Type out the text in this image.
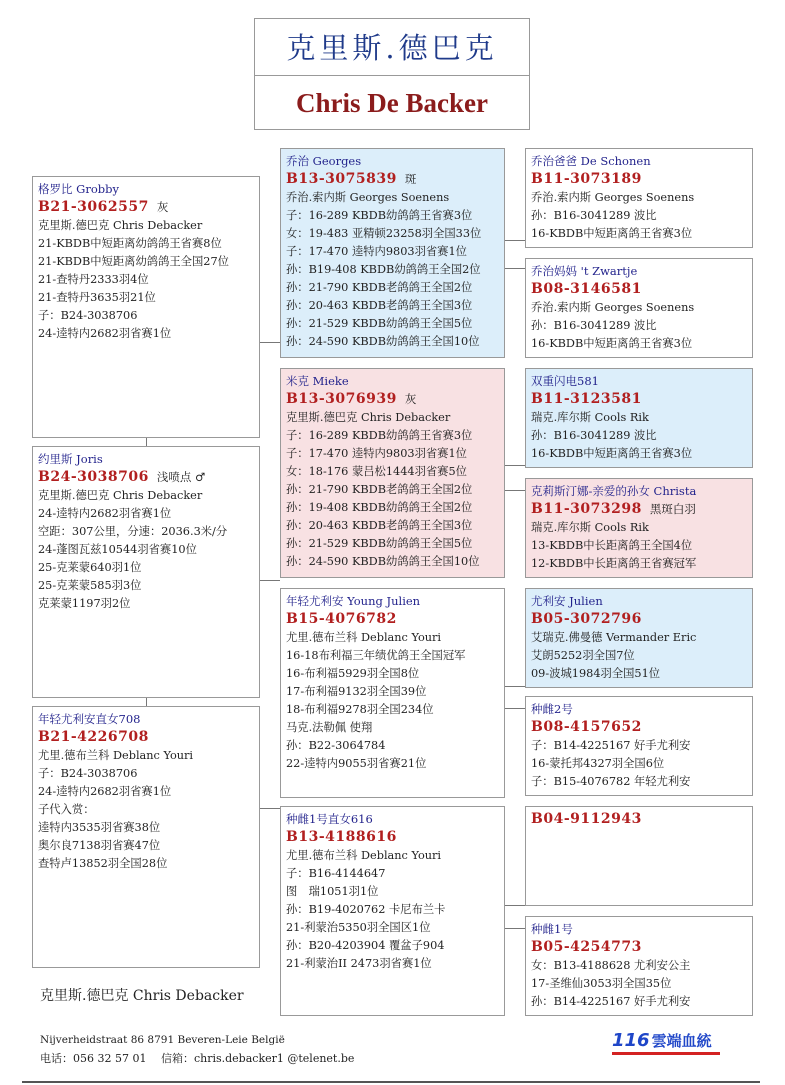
克里斯.德巴克
Chris De Backer
格罗比 Grobby
B21-3062557 灰
克里斯.德巴克 Chris Debacker
21-KBDB中短距离幼鸽鸽王省赛8位
21-KBDB中短距离幼鸽鸽王全国27位
21-查特丹2333羽4位
21-查特丹3635羽21位
子：B24-3038706
24-逵特内2682羽省赛1位
约里斯 Joris
B24-3038706 浅喷点 ♂
克里斯.德巴克 Chris Debacker
24-逵特内2682羽省赛1位
空距：307公里，分速：2036.3米/分
24-蓬图瓦兹10544羽省赛10位
25-克莱蒙640羽1位
25-克莱蒙585羽3位
克莱蒙1197羽2位
年轻尤利安直女708
B21-4226708
尤里.德布兰科 Deblanc Youri
子：B24-3038706
24-逵特内2682羽省赛1位
子代入赏：
逵特内3535羽省赛38位
奥尔良7138羽省赛47位
查特卢13852羽全国28位
乔治 Georges
B13-3075839 斑
乔治.索内斯 Georges Soenens
子：16-289 KBDB幼鸽鸽王省赛3位
女：19-483 亚精顿23258羽全国33位
子：17-470 逵特内9803羽省赛1位
孙：B19-408 KBDB幼鸽鸽王全国2位
孙：21-790 KBDB老鸽鸽王全国2位
孙：20-463 KBDB老鸽鸽王全国3位
孙：21-529 KBDB幼鸽鸽王全国5位
孙：24-590 KBDB幼鸽鸽王全国10位
米克 Mieke
B13-3076939 灰
克里斯.德巴克 Chris Debacker
子：16-289 KBDB幼鸽鸽王省赛3位
子：17-470 逵特内9803羽省赛1位
女：18-176 蒙吕松1444羽省赛5位
孙：21-790 KBDB老鸽鸽王全国2位
孙：19-408 KBDB幼鸽鸽王全国2位
孙：20-463 KBDB老鸽鸽王全国3位
孙：21-529 KBDB幼鸽鸽王全国5位
孙：24-590 KBDB幼鸽鸽王全国10位
年轻尤利安 Young Julien
B15-4076782
尤里.德布兰科 Deblanc Youri
16-18布利福三年绩优鸽王全国冠军
16-布利福5929羽全国8位
17-布利福9132羽全国39位
18-布利福9278羽全国234位
马克.法勒佩 使翔
孙：B22-3064784
22-逵特内9055羽省赛21位
种雌1号直女616
B13-4188616
尤里.德布兰科 Deblanc Youri
子：B16-4144647
图　瑞1051羽1位
孙：B19-4020762 卡尼布兰卡
21-利蒙治5350羽全国区1位
孙：B20-4203904 覆盆子904
21-利蒙治II 2473羽省赛1位
乔治爸爸 De Schonen
B11-3073189
乔治.索内斯 Georges Soenens
孙：B16-3041289 波比
16-KBDB中短距离鸽王省赛3位
乔治妈妈 't Zwartje
B08-3146581
乔治.索内斯 Georges Soenens
孙：B16-3041289 波比
16-KBDB中短距离鸽王省赛3位
双重闪电581
B11-3123581
瑞克.库尔斯 Cools Rik
孙：B16-3041289 波比
16-KBDB中短距离鸽王省赛3位
克莉斯汀娜-亲爱的孙女 Christa
B11-3073298 黑斑白羽
瑞克.库尔斯 Cools Rik
13-KBDB中长距离鸽王全国4位
12-KBDB中长距离鸽王省赛冠军
尤利安 Julien
B05-3072796
艾瑞克.佛曼德 Vermander Eric
艾朗5252羽全国7位
09-波城1984羽全国51位
种雌2号
B08-4157652
子：B14-4225167 好手尤利安
16-蒙托邦4327羽全国6位
子：B15-4076782 年轻尤利安
B04-9112943
种雌1号
B05-4254773
女：B13-4188628 尤利安公主
17-圣维仙3053羽全国35位
孙：B14-4225167 好手尤利安
克里斯.德巴克 Chris Debacker
Nijverheidstraat 86 8791 Beveren-Leie België
电话：056 32 57 01　 信箱：chris.debacker1 @telenet.be
116 雲端血統
